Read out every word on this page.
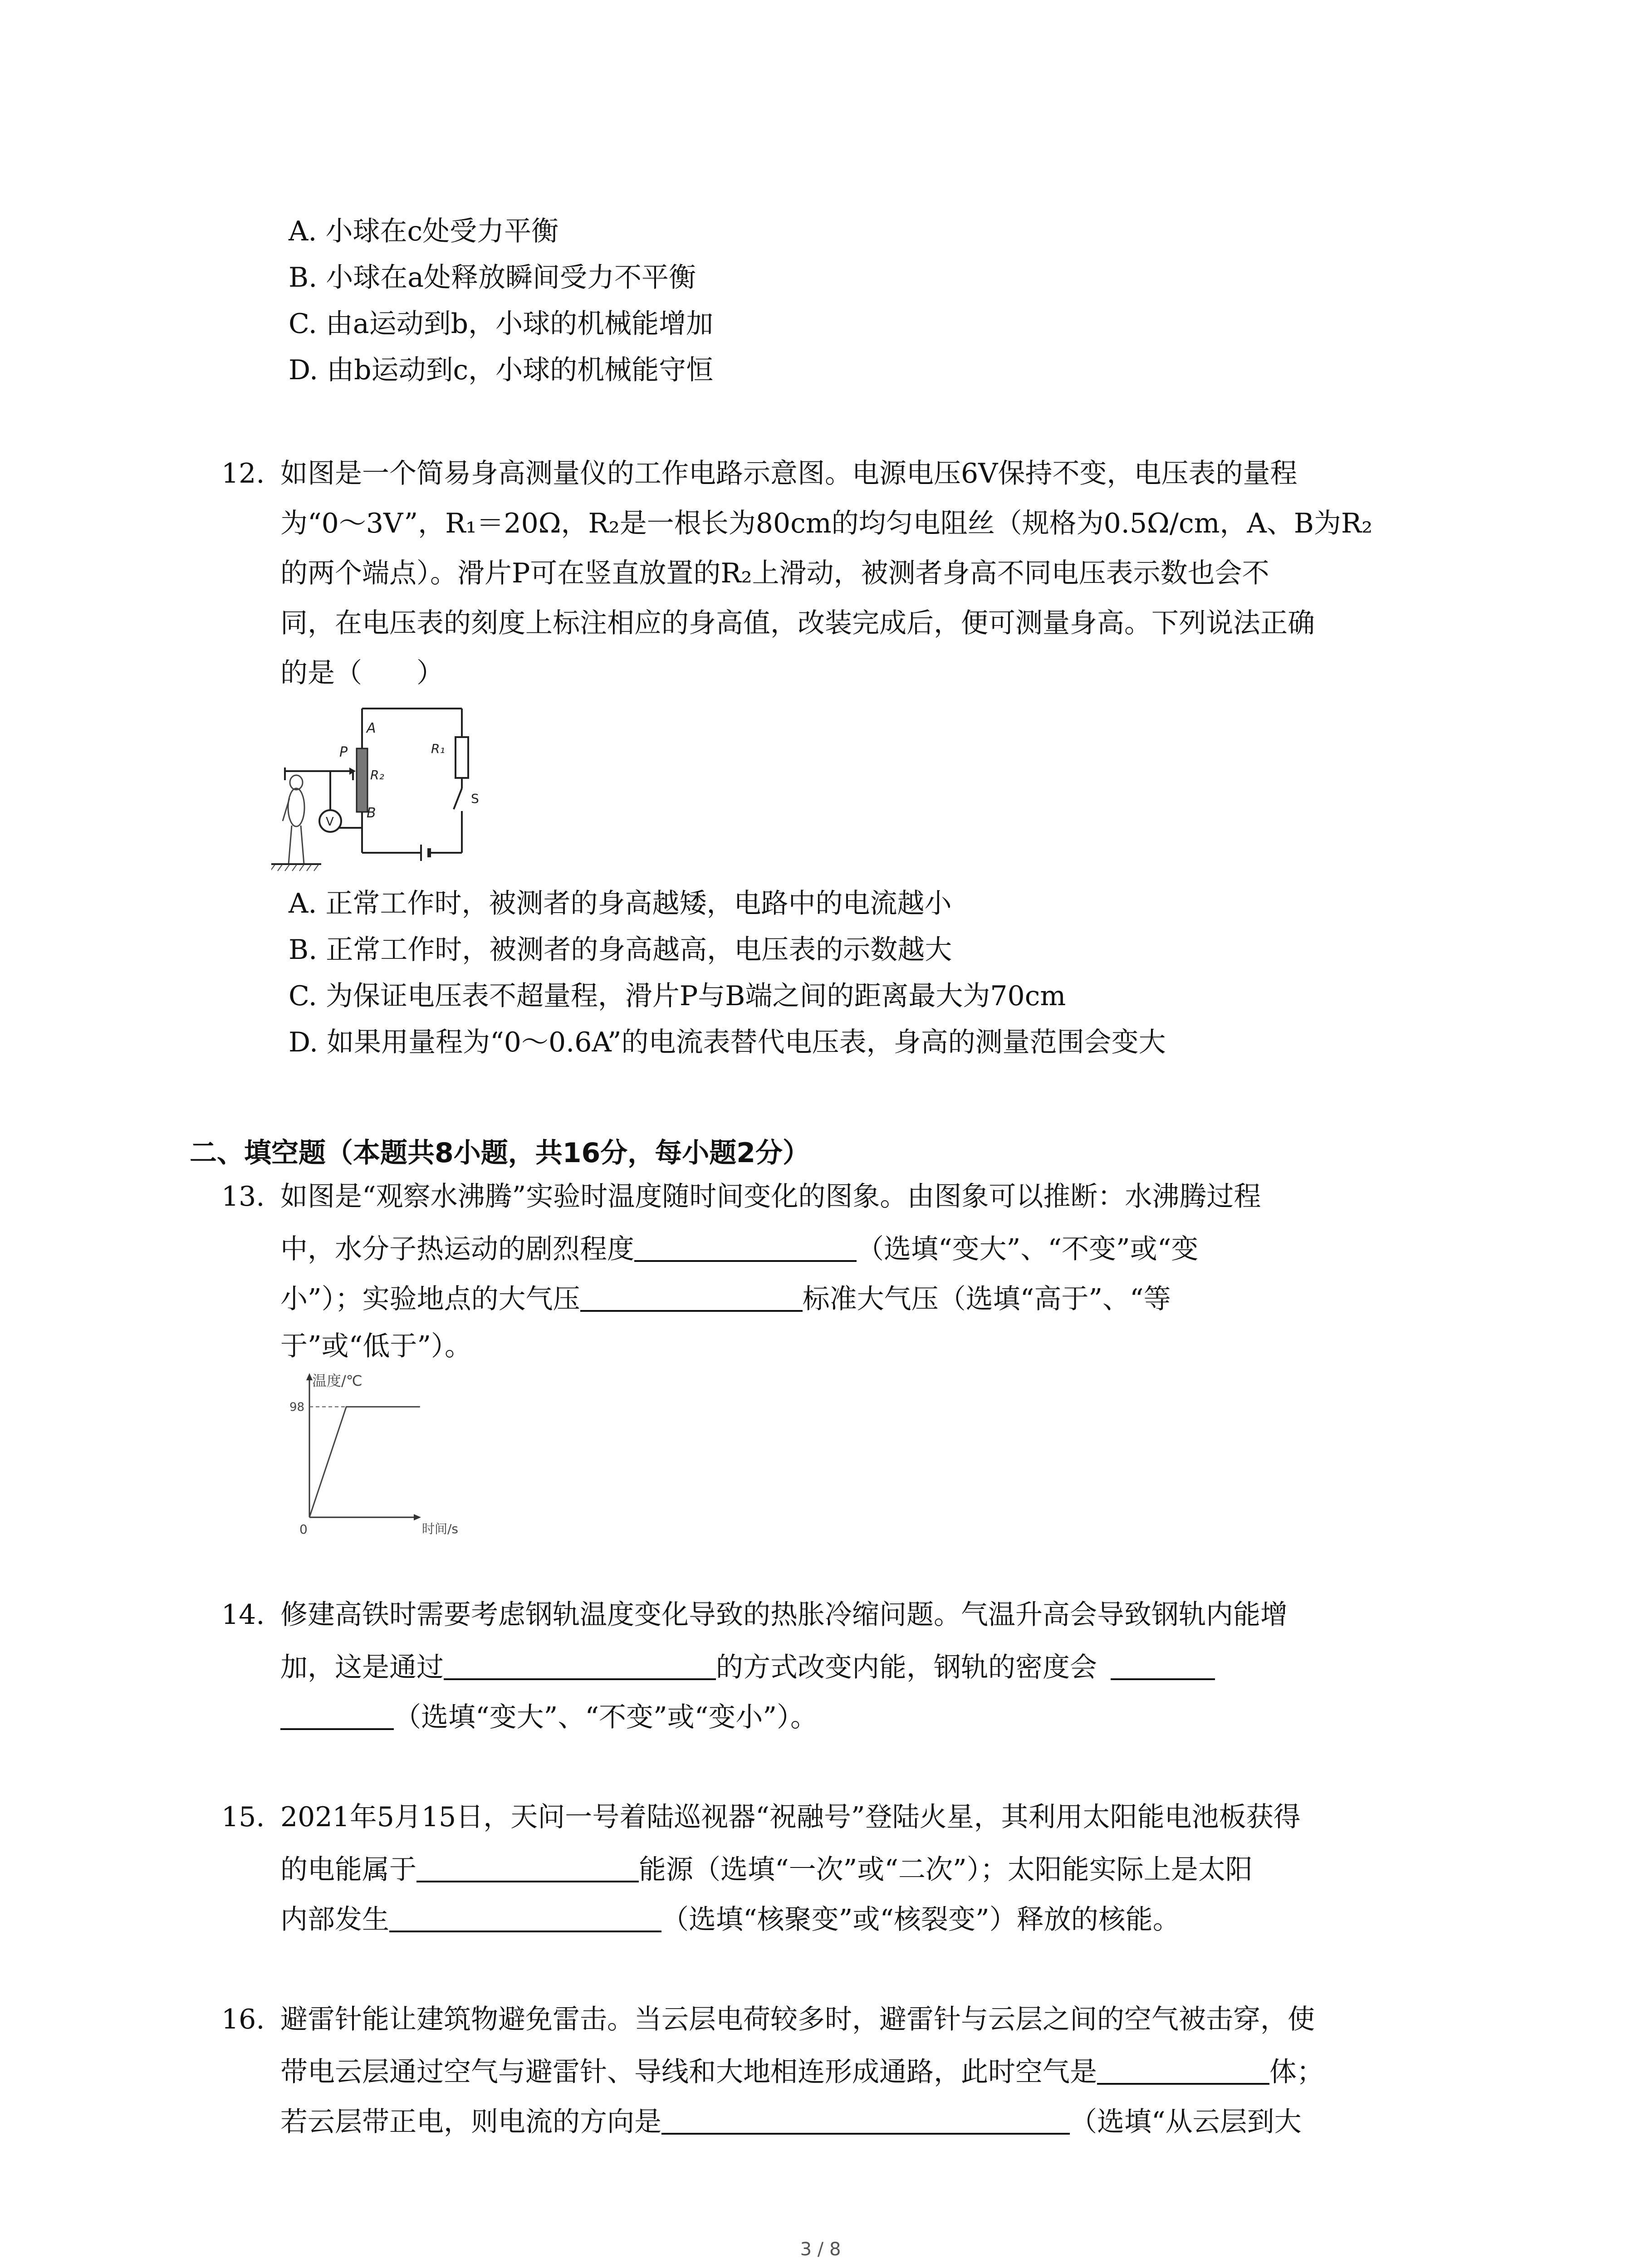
A. 小球在c处受力平衡
B. 小球在a处释放瞬间受力不平衡
C. 由a运动到b，小球的机械能增加
D. 由b运动到c，小球的机械能守恒
12. 如图是一个简易身高测量仪的工作电路示意图。电源电压6V保持不变，电压表的量程
为“0～3V”，R₁＝20Ω，R₂是一根长为80cm的均匀电阻丝（规格为0.5Ω/cm，A、B为R₂
的两个端点）。滑片P可在竖直放置的R₂上滑动，被测者身高不同电压表示数也会不
同，在电压表的刻度上标注相应的身高值，改装完成后，便可测量身高。下列说法正确
的是（　　）
A
B
P
R₂
R₁
S
V
A. 正常工作时，被测者的身高越矮，电路中的电流越小
B. 正常工作时，被测者的身高越高，电压表的示数越大
C. 为保证电压表不超量程，滑片P与B端之间的距离最大为70cm
D. 如果用量程为“0～0.6A”的电流表替代电压表，身高的测量范围会变大
二、填空题（本题共8小题，共16分，每小题2分）
13. 如图是“观察水沸腾”实验时温度随时间变化的图象。由图象可以推断：水沸腾过程
中，水分子热运动的剧烈程度	（选填“变大”、“不变”或“变
小”）；实验地点的大气压	标准大气压（选填“高于”、“等
于”或“低于”）。
温度/℃
时间/s
0
98
14. 修建高铁时需要考虑钢轨温度变化导致的热胀冷缩问题。气温升高会导致钢轨内能增
加，这是通过	的方式改变内能，钢轨的密度会
（选填“变大”、“不变”或“变小”）。
15. 2021年5月15日，天问一号着陆巡视器“祝融号”登陆火星，其利用太阳能电池板获得
的电能属于	能源（选填“一次”或“二次”）；太阳能实际上是太阳
内部发生	（选填“核聚变”或“核裂变”）释放的核能。
16. 避雷针能让建筑物避免雷击。当云层电荷较多时，避雷针与云层之间的空气被击穿，使
带电云层通过空气与避雷针、导线和大地相连形成通路，此时空气是	体；
若云层带正电，则电流的方向是	（选填“从云层到大
3 / 8
